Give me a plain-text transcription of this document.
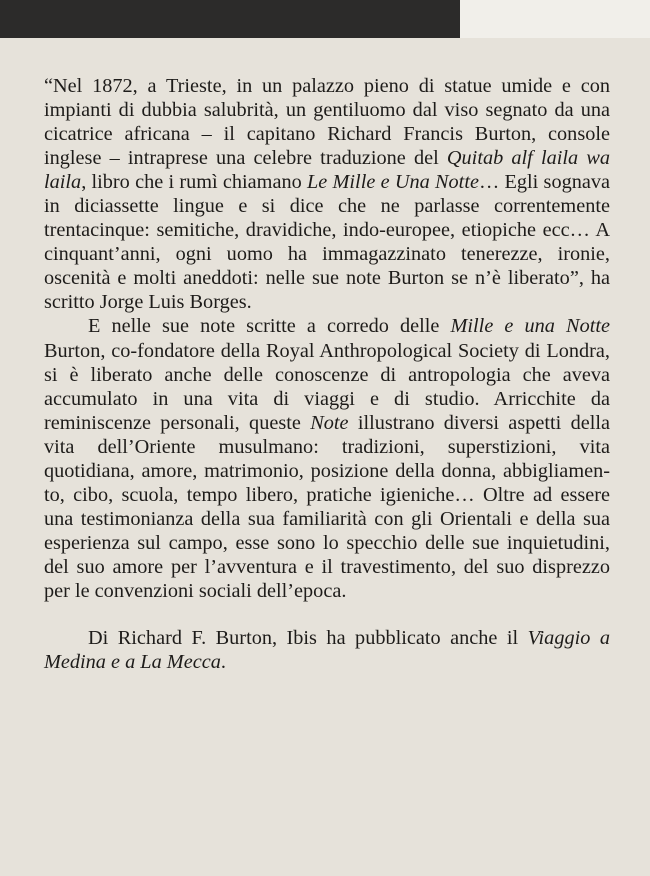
“Nel 1872, a Trieste, in un palazzo pieno di statue umide e con impianti di dubbia salubrità, un gentiluomo dal viso segnato da una cicatrice africana – il capitano Richard Francis Burton, console inglese – intraprese una celebre traduzione del Quitab alf laila wa laila, libro che i rumì chiamano Le Mille e Una Notte… Egli sognava in diciassette lingue e si dice che ne parlasse correntemente trentacinque: semitiche, dravidiche, indo-europee, etiopiche ecc… A cinquant’anni, ogni uomo ha immagazzinato tenerezze, ironie, oscenità e molti aneddoti: nelle sue note Burton se n’è liberato”, ha scritto Jorge Luis Borges.

E nelle sue note scritte a corredo delle Mille e una Notte Burton, co-fondatore della Royal Anthropological Society di Londra, si è liberato anche delle conoscenze di antropologia che aveva accumulato in una vita di viaggi e di studio. Arricchite da reminiscenze personali, queste Note illustrano diversi aspetti della vita dell’Oriente musulmano: tradizioni, superstizioni, vita quotidiana, amore, matrimonio, posizione della donna, abbigliamento, cibo, scuola, tempo libero, pratiche igieniche… Oltre ad essere una testimonianza della sua familiarità con gli Orientali e della sua esperienza sul campo, esse sono lo specchio delle sue inquietudini, del suo amore per l’avventura e il travestimento, del suo disprezzo per le convenzioni sociali dell’epoca.

Di Richard F. Burton, Ibis ha pubblicato anche il Viaggio a Medina e a La Mecca.
